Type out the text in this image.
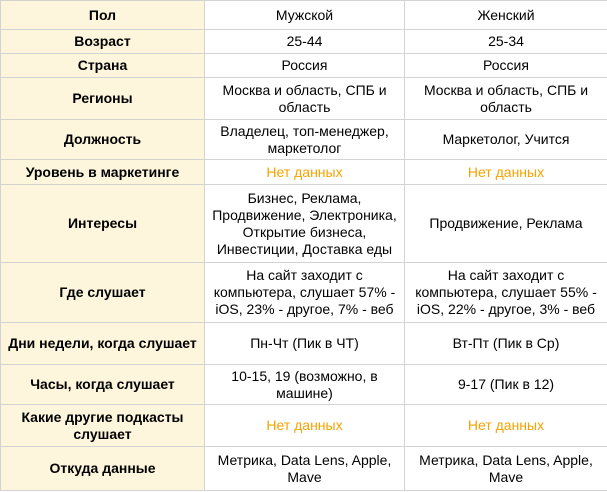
Пол	Мужской	Женский
Возраст	25-44	25-34
Страна	Россия	Россия
Регионы	Москва и область, СПБ и область	Москва и область, СПБ и область
Должность	Владелец, топ-менеджер, маркетолог	Маркетолог, Учится
Уровень в маркетинге	Нет данных	Нет данных
Интересы	Бизнес, Реклама, Продвижение, Электроника, Открытие бизнеса, Инвестиции, Доставка еды	Продвижение, Реклама
Где слушает	На сайт заходит с компьютера, слушает 57% - iOS, 23% - другое, 7% - веб	На сайт заходит с компьютера, слушает 55% - iOS, 22% - другое, 3% - веб
Дни недели, когда слушает	Пн-Чт (Пик в ЧТ)	Вт-Пт (Пик в Ср)
Часы, когда слушает	10-15, 19 (возможно, в машине)	9-17 (Пик в 12)
Какие другие подкасты слушает	Нет данных	Нет данных
Откуда данные	Метрика, Data Lens, Apple, Mave	Метрика, Data Lens, Apple, Mave
